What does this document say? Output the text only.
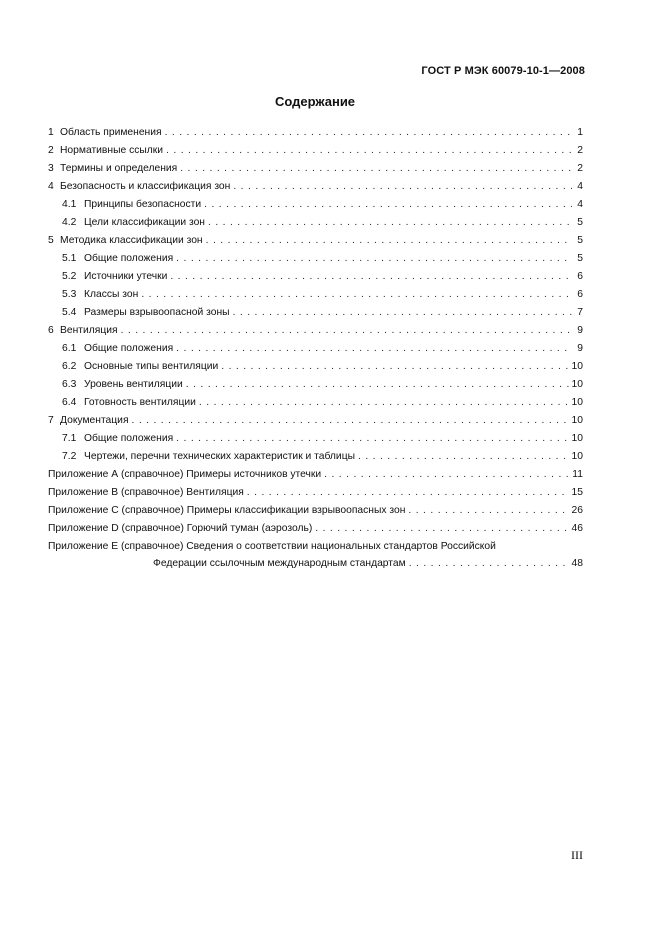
ГОСТ Р МЭК 60079-10-1—2008
Содержание
1 Область применения . . .	1
2 Нормативные ссылки . . .	2
3 Термины и определения . . .	2
4 Безопасность и классификация зон . . .	4
4.1 Принципы безопасности . . .	4
4.2 Цели классификации зон . . .	5
5 Методика классификации зон . . .	5
5.1 Общие положения . . .	5
5.2 Источники утечки . . .	6
5.3 Классы зон . . .	6
5.4 Размеры взрывоопасной зоны . . .	7
6 Вентиляция . . .	9
6.1 Общие положения . . .	9
6.2 Основные типы вентиляции . . .	10
6.3 Уровень вентиляции . . .	10
6.4 Готовность вентиляции . . .	10
7 Документация . . .	10
7.1 Общие положения . . .	10
7.2 Чертежи, перечни технических характеристик и таблицы . . .	10
Приложение А (справочное) Примеры источников утечки . . .	11
Приложение В (справочное) Вентиляция . . .	15
Приложение С (справочное) Примеры классификации взрывоопасных зон . . .	26
Приложение D (справочное) Горючий туман (аэрозоль) . . .	46
Приложение Е (справочное) Сведения о соответствии национальных стандартов Российской
Федерации ссылочным международным стандартам . . .	48
III
